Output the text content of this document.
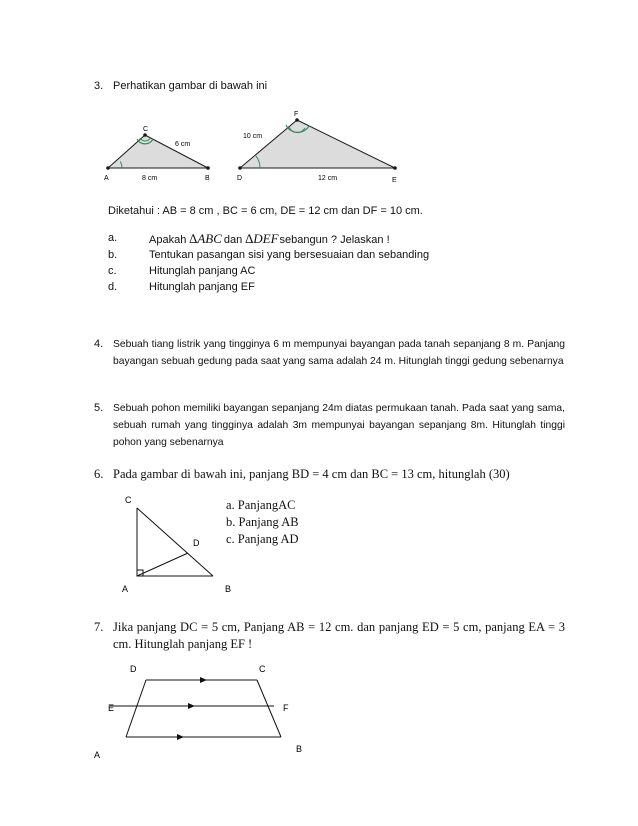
3. Perhatikan gambar di bawah ini
A	B
C
6 cm
8 cm	D	E
F
10 cm
12 cm
Diketahui : AB = 8 cm , BC = 6 cm, DE = 12 cm dan DF = 10 cm.
a.	Apakah ∆ABC dan ∆DEFsebangun ? Jelaskan !
b.	Tentukan pasangan sisi yang bersesuaian dan sebanding
c.	Hitunglah panjang AC
d.	Hitunglah panjang EF
4. Sebuah tiang listrik yang tingginya 6 m mempunyai bayangan pada tanah sepanjang 8 m. Panjang bayangan sebuah gedung pada saat yang sama adalah 24 m. Hitunglah tinggi gedung sebenarnya
5. Sebuah pohon memiliki bayangan sepanjang 24m diatas permukaan tanah. Pada saat yang sama, sebuah rumah yang tingginya adalah 3m mempunyai bayangan sepanjang 8m. Hitunglah tinggi pohon yang sebenarnya
6. Pada gambar di bawah ini, panjang BD = 4 cm dan BC = 13 cm, hitunglah (30)
C
D
A	B
a. PanjangAC
b. Panjang AB
c. Panjang AD
7. Jika panjang DC = 5 cm, Panjang AB = 12 cm. dan panjang ED = 5 cm, panjang EA = 3 cm. Hitunglah panjang EF !
D	C
E	F
A
B
